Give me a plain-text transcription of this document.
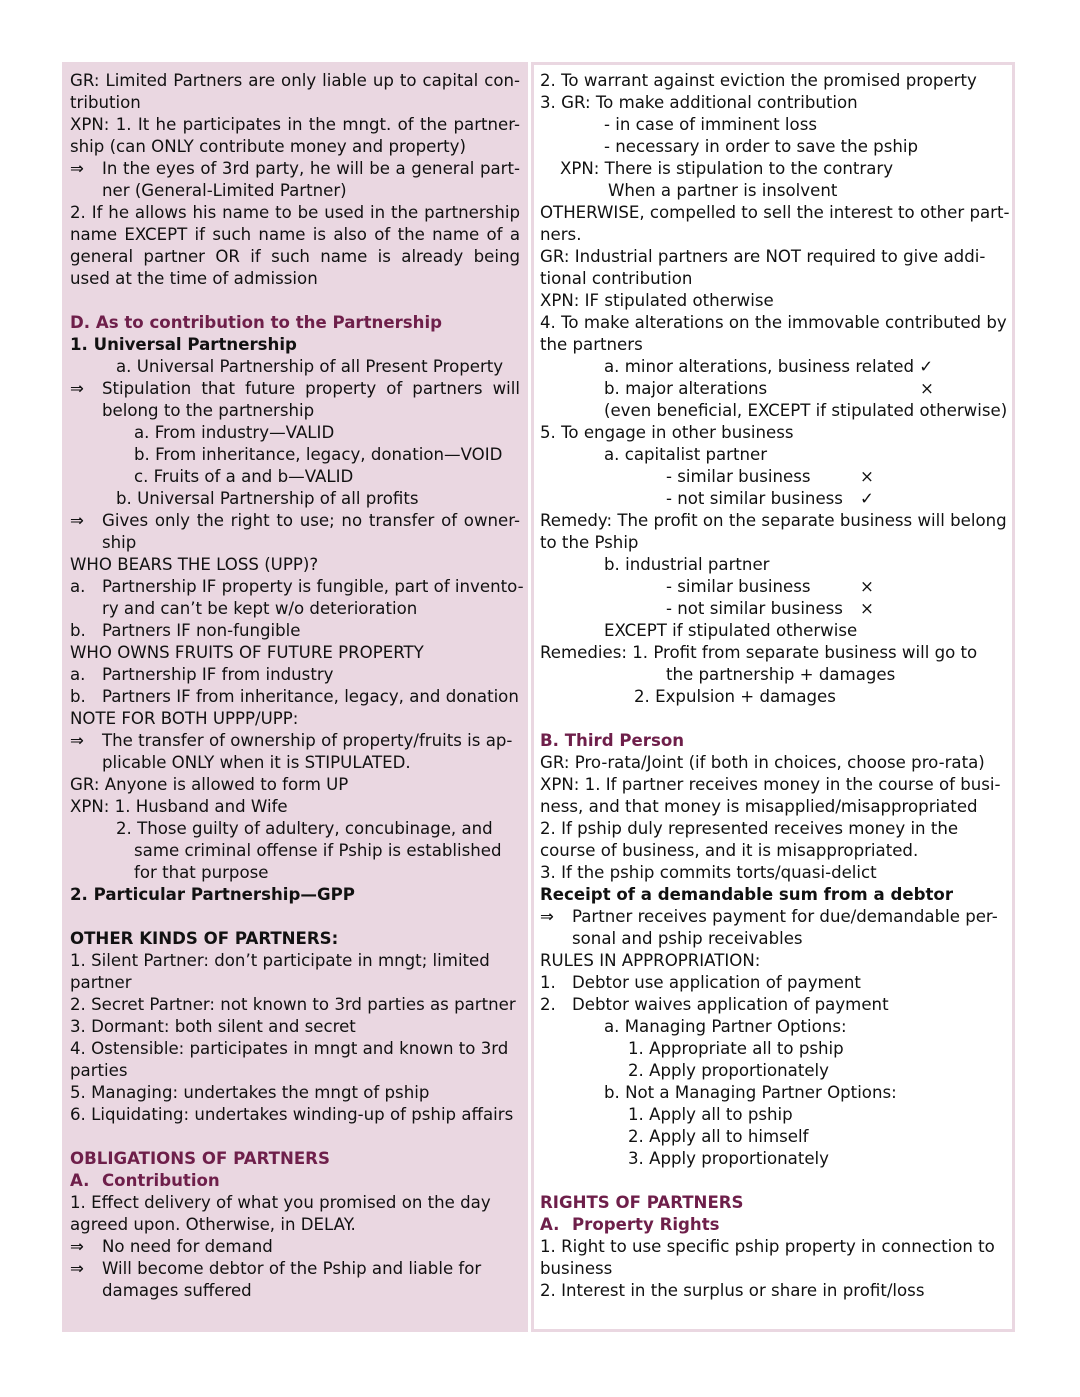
GR: Limited Partners are only liable up to capital con-
tribution
XPN: 1. It he participates in the mngt. of the partner-
ship (can ONLY contribute money and property)
⇒	In the eyes of 3rd party, he will be a general part-
ner (General-Limited Partner)
2. If he allows his name to be used in the partnership
name EXCEPT if such name is also of the name of a
general partner OR if such name is already being
used at the time of admission
D. As to contribution to the Partnership
1. Universal Partnership
a. Universal Partnership of all Present Property
⇒	Stipulation that future property of partners will
belong to the partnership
a. From industry—VALID
b. From inheritance, legacy, donation—VOID
c. Fruits of a and b—VALID
b. Universal Partnership of all profits
⇒	Gives only the right to use; no transfer of owner-
ship
WHO BEARS THE LOSS (UPP)?
a. Partnership IF property is fungible, part of invento-
ry and can’t be kept w/o deterioration
b. Partners IF non-fungible
WHO OWNS FRUITS OF FUTURE PROPERTY
a. Partnership IF from industry
b. Partners IF from inheritance, legacy, and donation
NOTE FOR BOTH UPPP/UPP:
⇒	The transfer of ownership of property/fruits is ap-
plicable ONLY when it is STIPULATED.
GR: Anyone is allowed to form UP
XPN: 1. Husband and Wife
2. Those guilty of adultery, concubinage, and
same criminal offense if Pship is established
for that purpose
2. Particular Partnership—GPP
OTHER KINDS OF PARTNERS:
1. Silent Partner: don’t participate in mngt; limited
partner
2. Secret Partner: not known to 3rd parties as partner
3. Dormant: both silent and secret
4. Ostensible: participates in mngt and known to 3rd
parties
5. Managing: undertakes the mngt of pship
6. Liquidating: undertakes winding-up of pship affairs
OBLIGATIONS OF PARTNERS
A. Contribution
1. Effect delivery of what you promised on the day
agreed upon. Otherwise, in DELAY.
⇒	No need for demand
⇒	Will become debtor of the Pship and liable for
damages suffered
2. To warrant against eviction the promised property
3. GR: To make additional contribution
- in case of imminent loss
- necessary in order to save the pship
XPN: There is stipulation to the contrary
When a partner is insolvent
OTHERWISE, compelled to sell the interest to other part-
ners.
GR: Industrial partners are NOT required to give addi-
tional contribution
XPN: IF stipulated otherwise
4. To make alterations on the immovable contributed by
the partners
a. minor alterations, business related ✓
b. major alterations	×
(even beneficial, EXCEPT if stipulated otherwise)
5. To engage in other business
a. capitalist partner
- similar business	×
- not similar business ✓
Remedy: The profit on the separate business will belong
to the Pship
b. industrial partner
- similar business	×
- not similar business ×
EXCEPT if stipulated otherwise
Remedies: 1. Profit from separate business will go to
the partnership + damages
2. Expulsion + damages
B. Third Person
GR: Pro-rata/Joint (if both in choices, choose pro-rata)
XPN: 1. If partner receives money in the course of busi-
ness, and that money is misapplied/misappropriated
2. If pship duly represented receives money in the
course of business, and it is misappropriated.
3. If the pship commits torts/quasi-delict
Receipt of a demandable sum from a debtor
⇒	Partner receives payment for due/demandable per-
sonal and pship receivables
RULES IN APPROPRIATION:
1. Debtor use application of payment
2. Debtor waives application of payment
a. Managing Partner Options:
1. Appropriate all to pship
2. Apply proportionately
b. Not a Managing Partner Options:
1. Apply all to pship
2. Apply all to himself
3. Apply proportionately
RIGHTS OF PARTNERS
A. Property Rights
1. Right to use specific pship property in connection to
business
2. Interest in the surplus or share in profit/loss
